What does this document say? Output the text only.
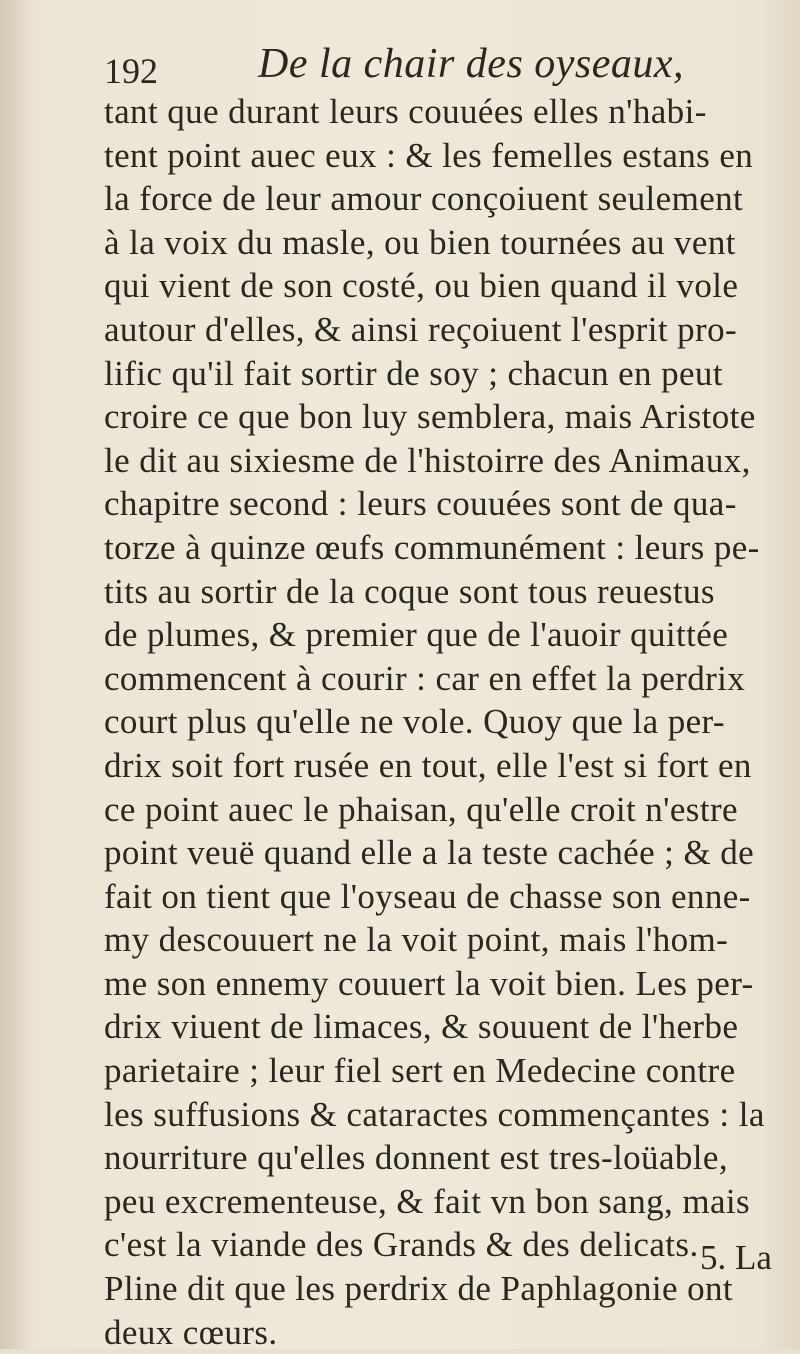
192 De la chair des oyseaux,
tant que durant leurs couuées elles n'habi-
tent point auec eux : & les femelles estans en
la force de leur amour conçoiuent seulement
à la voix du masle, ou bien tournées au vent
qui vient de son costé, ou bien quand il vole
autour d'elles, & ainsi reçoiuent l'esprit pro-
lific qu'il fait sortir de soy ; chacun en peut
croire ce que bon luy semblera, mais Aristote
le dit au sixiesme de l'histoirre des Animaux,
chapitre second : leurs couuées sont de qua-
torze à quinze œufs communément : leurs pe-
tits au sortir de la coque sont tous reuestus
de plumes, & premier que de l'auoir quittée
commencent à courir : car en effet la perdrix
court plus qu'elle ne vole. Quoy que la per-
drix soit fort rusée en tout, elle l'est si fort en
ce point auec le phaisan, qu'elle croit n'estre
point veuë quand elle a la teste cachée ; & de
fait on tient que l'oyseau de chasse son enne-
my descouuert ne la voit point, mais l'hom-
me son ennemy couuert la voit bien. Les per-
drix viuent de limaces, & souuent de l'herbe
parietaire ; leur fiel sert en Medecine contre
les suffusions & cataractes commençantes : la
nourriture qu'elles donnent est tres-loüable,
peu excrementeuse, & fait vn bon sang, mais
c'est la viande des Grands & des delicats.
Pline dit que les perdrix de Paphlagonie ont
deux cœurs.
5. La
